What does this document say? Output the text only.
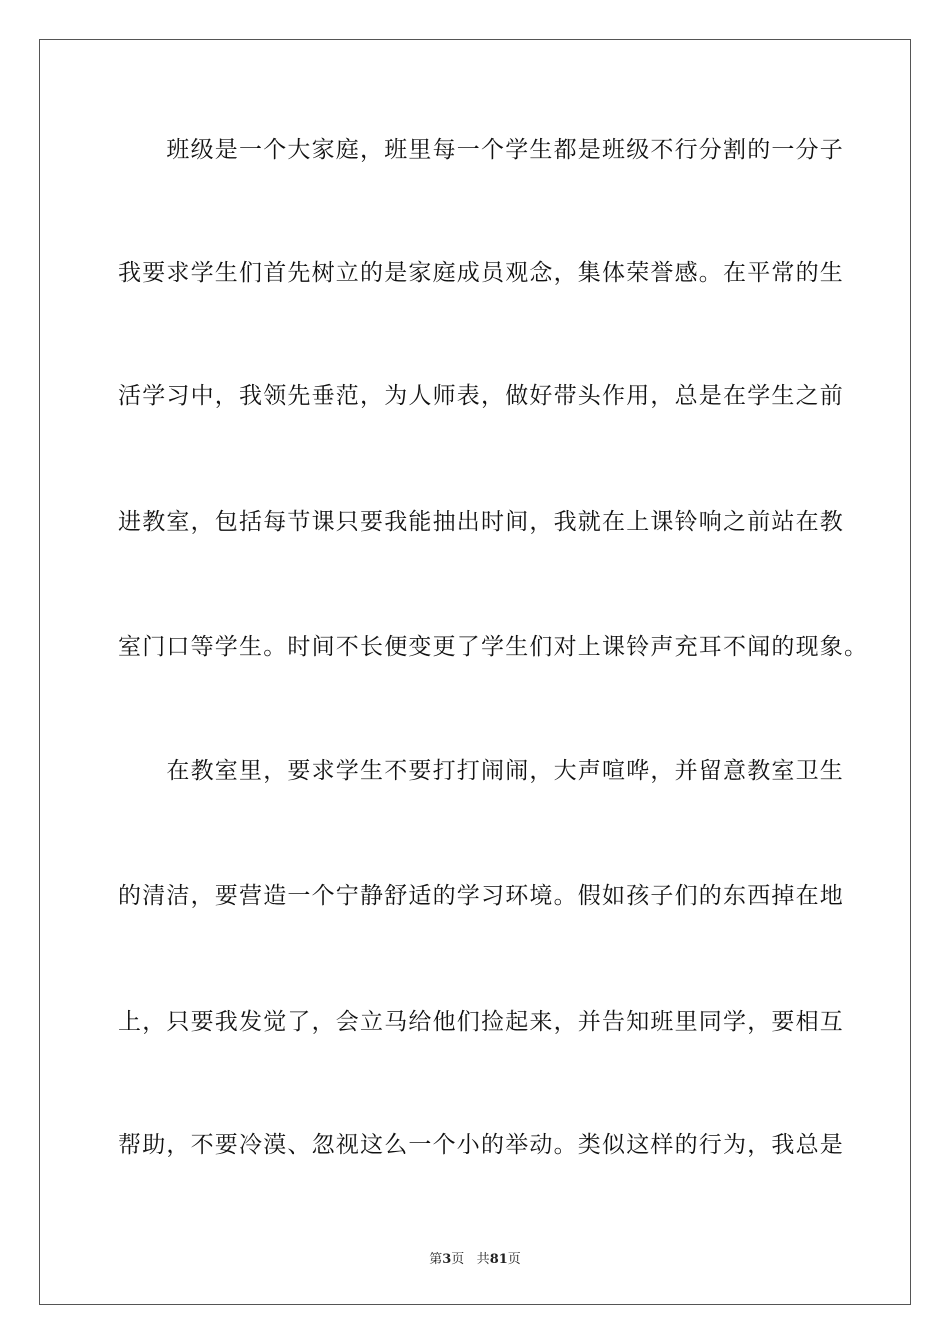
　　班级是一个大家庭，班里每一个学生都是班级不行分割的一分子
我要求学生们首先树立的是家庭成员观念，集体荣誉感。在平常的生
活学习中，我领先垂范，为人师表，做好带头作用，总是在学生之前
进教室，包括每节课只要我能抽出时间，我就在上课铃响之前站在教
室门口等学生。时间不长便变更了学生们对上课铃声充耳不闻的现象。
　　在教室里，要求学生不要打打闹闹，大声喧哗，并留意教室卫生
的清洁，要营造一个宁静舒适的学习环境。假如孩子们的东西掉在地
上，只要我发觉了，会立马给他们捡起来，并告知班里同学，要相互
帮助，不要冷漠、忽视这么一个小的举动。类似这样的行为，我总是
第3页 共81页
